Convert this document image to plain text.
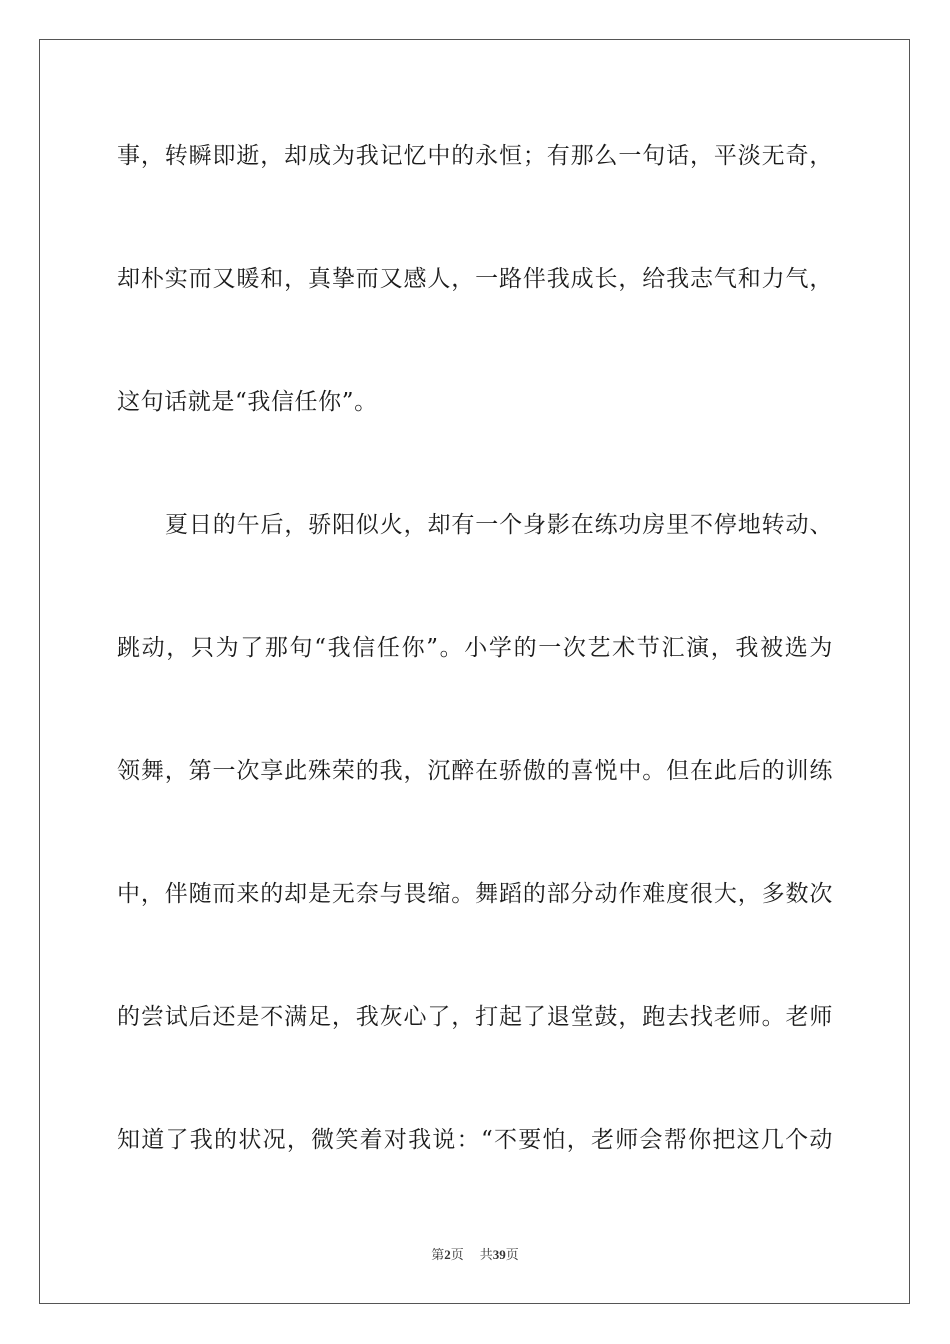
事，转瞬即逝，却成为我记忆中的永恒；有那么一句话，平淡无奇，
却朴实而又暖和，真挚而又感人，一路伴我成长，给我志气和力气，
这句话就是“我信任你”。
夏日的午后，骄阳似火，却有一个身影在练功房里不停地转动、
跳动，只为了那句“我信任你”。小学的一次艺术节汇演，我被选为
领舞，第一次享此殊荣的我，沉醉在骄傲的喜悦中。但在此后的训练
中，伴随而来的却是无奈与畏缩。舞蹈的部分动作难度很大，多数次
的尝试后还是不满足，我灰心了，打起了退堂鼓，跑去找老师。老师
知道了我的状况，微笑着对我说：“不要怕，老师会帮你把这几个动
第2页 共39页
